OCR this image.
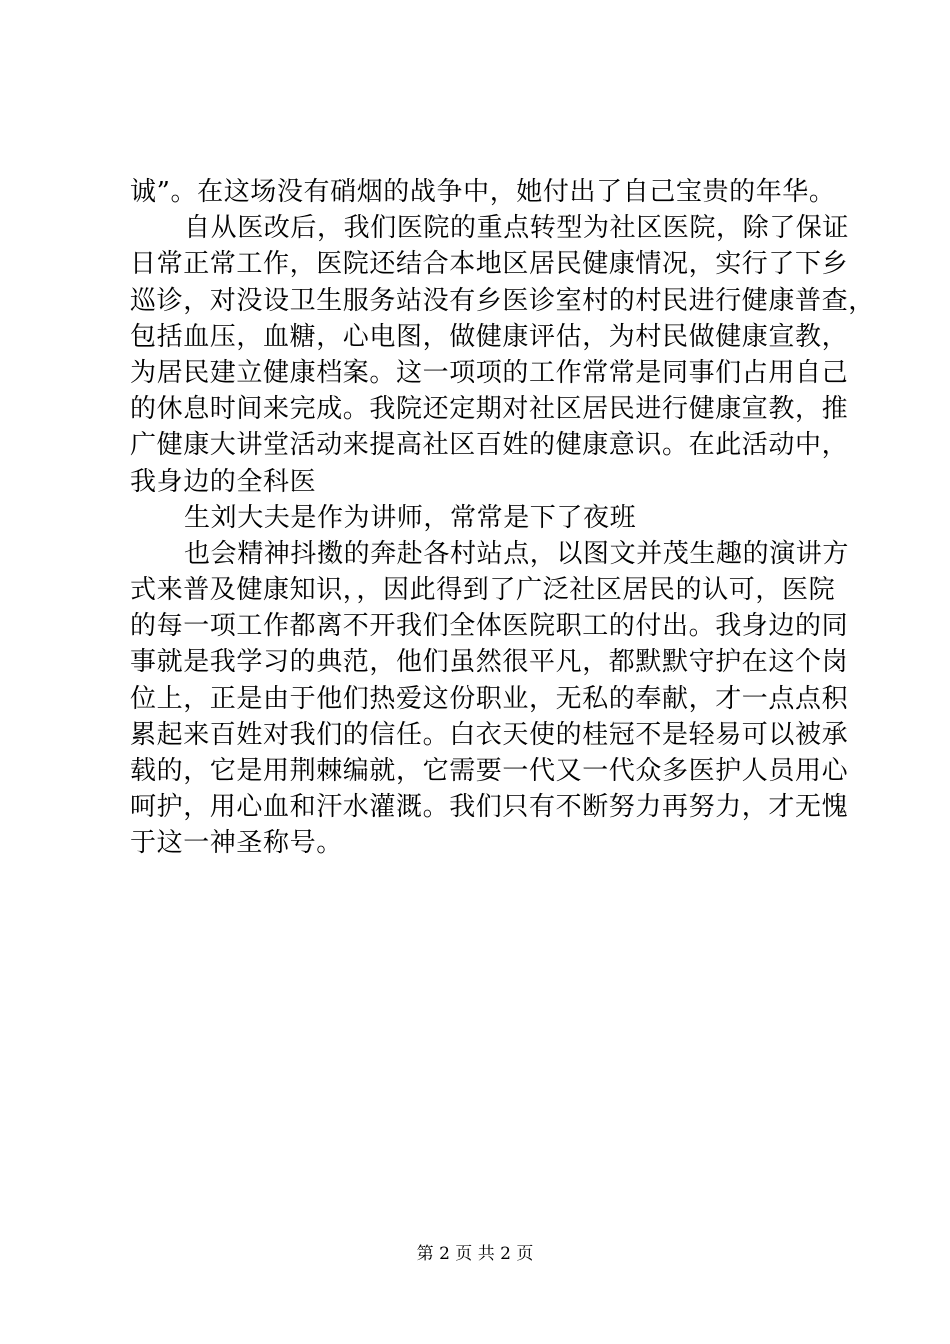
诚”。在这场没有硝烟的战争中，她付出了自己宝贵的年华。
自从医改后，我们医院的重点转型为社区医院，除了保证
日常正常工作，医院还结合本地区居民健康情况，实行了下乡
巡诊，对没设卫生服务站没有乡医诊室村的村民进行健康普查，
包括血压，血糖，心电图，做健康评估，为村民做健康宣教，
为居民建立健康档案。这一项项的工作常常是同事们占用自己
的休息时间来完成。我院还定期对社区居民进行健康宣教，推
广健康大讲堂活动来提高社区百姓的健康意识。在此活动中，
我身边的全科医
生刘大夫是作为讲师，常常是下了夜班
也会精神抖擞的奔赴各村站点，以图文并茂生趣的演讲方
式来普及健康知识，，因此得到了广泛社区居民的认可，医院
的每一项工作都离不开我们全体医院职工的付出。我身边的同
事就是我学习的典范，他们虽然很平凡，都默默守护在这个岗
位上，正是由于他们热爱这份职业，无私的奉献，才一点点积
累起来百姓对我们的信任。白衣天使的桂冠不是轻易可以被承
载的，它是用荆棘编就，它需要一代又一代众多医护人员用心
呵护，用心血和汗水灌溉。我们只有不断努力再努力，才无愧
于这一神圣称号。
第 2 页 共 2 页
